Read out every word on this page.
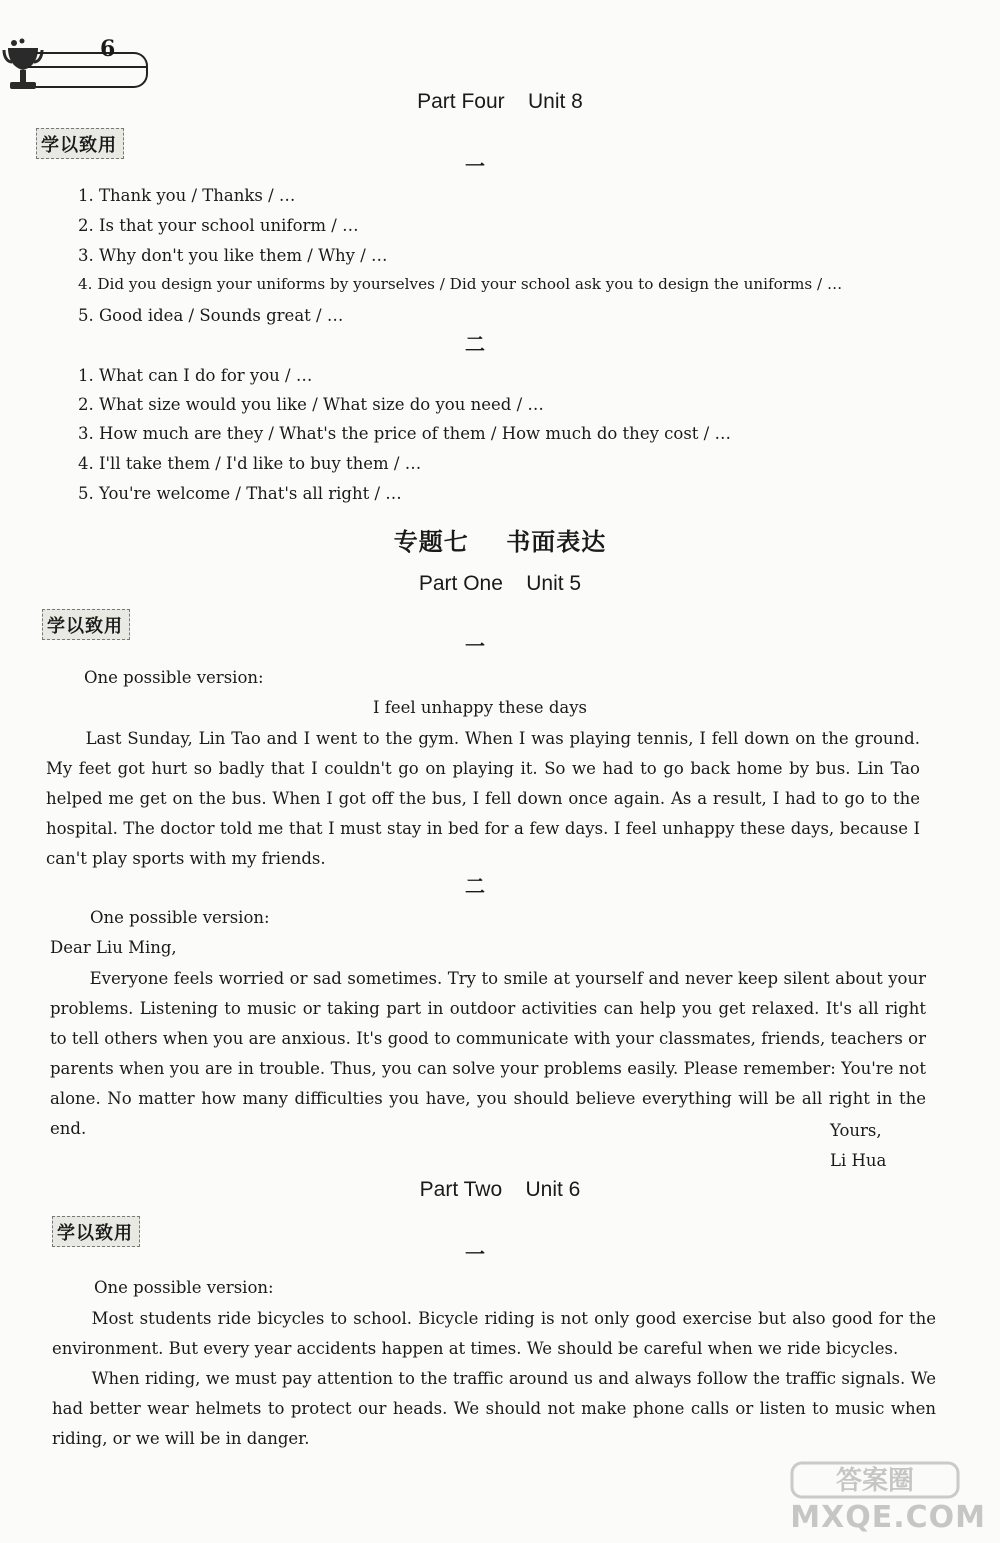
6
Part Four    Unit 8
学以致用
一
1. Thank you / Thanks / …
2. Is that your school uniform / …
3. Why don't you like them / Why / …
4. Did you design your uniforms by yourselves / Did your school ask you to design the uniforms / …
5. Good idea / Sounds great / …
二
1. What can I do for you / …
2. What size would you like / What size do you need / …
3. How much are they / What's the price of them / How much do they cost / …
4. I'll take them / I'd like to buy them / …
5. You're welcome / That's all right / …
专题七    书面表达
Part One    Unit 5
学以致用
一
One possible version:
I feel unhappy these days

Last Sunday, Lin Tao and I went to the gym. When I was playing tennis, I fell down on the ground. My feet got hurt so badly that I couldn't go on playing it. So we had to go back home by bus. Lin Tao helped me get on the bus. When I got off the bus, I fell down once again. As a result, I had to go to the hospital. The doctor told me that I must stay in bed for a few days. I feel unhappy these days, because I can't play sports with my friends.

二
One possible version:
Dear Liu Ming,

Everyone feels worried or sad sometimes. Try to smile at yourself and never keep silent about your problems. Listening to music or taking part in outdoor activities can help you get relaxed. It's all right to tell others when you are anxious. It's good to communicate with your classmates, friends, teachers or parents when you are in trouble. Thus, you can solve your problems easily. Please remember: You're not alone. No matter how many difficulties you have, you should believe everything will be all right in the end.	Yours,
Li Hua
Part Two    Unit 6
学以致用
一
One possible version:

Most students ride bicycles to school. Bicycle riding is not only good exercise but also good for the environment. But every year accidents happen at times. We should be careful when we ride bicycles.

When riding, we must pay attention to the traffic around us and always follow the traffic signals. We had better wear helmets to protect our heads. We should not make phone calls or listen to music when riding, or we will be in danger.

答案圈
MXQE.COM
